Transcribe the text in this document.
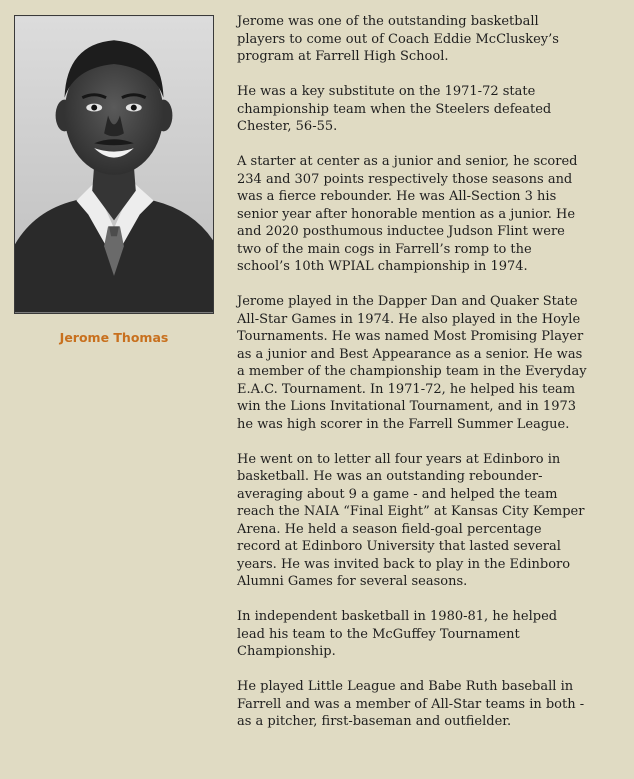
Jerome Thomas

Jerome was one of the outstanding basketball players to come out of Coach Eddie McCluskey’s program at Farrell High School.

He was a key substitute on the 1971-72 state championship team when the Steelers defeated Chester, 56-55.

A starter at center as a junior and senior, he scored 234 and 307 points respectively those seasons and was a fierce rebounder. He was All-Section 3 his senior year after honorable mention as a junior. He and 2020 posthumous inductee Judson Flint were two of the main cogs in Farrell’s romp to the school’s 10th WPIAL championship in 1974.

Jerome played in the Dapper Dan and Quaker State All-Star Games in 1974. He also played in the Hoyle Tournaments. He was named Most Promising Player as a junior and Best Appearance as a senior. He was a member of the championship team in the Everyday E.A.C. Tournament. In 1971-72, he helped his team win the Lions Invitational Tournament, and in 1973 he was high scorer in the Farrell Summer League.

He went on to letter all four years at Edinboro in basketball. He was an outstanding rebounder- averaging about 9 a game - and helped the team reach the NAIA “Final Eight” at Kansas City Kemper Arena. He held a season field-goal percentage record at Edinboro University that lasted several years. He was invited back to play in the Edinboro Alumni Games for several seasons.

In independent basketball in 1980-81, he helped lead his team to the McGuffey Tournament Championship.

He played Little League and Babe Ruth baseball in Farrell and was a member of All-Star teams in both - as a pitcher, first-baseman and outfielder.
